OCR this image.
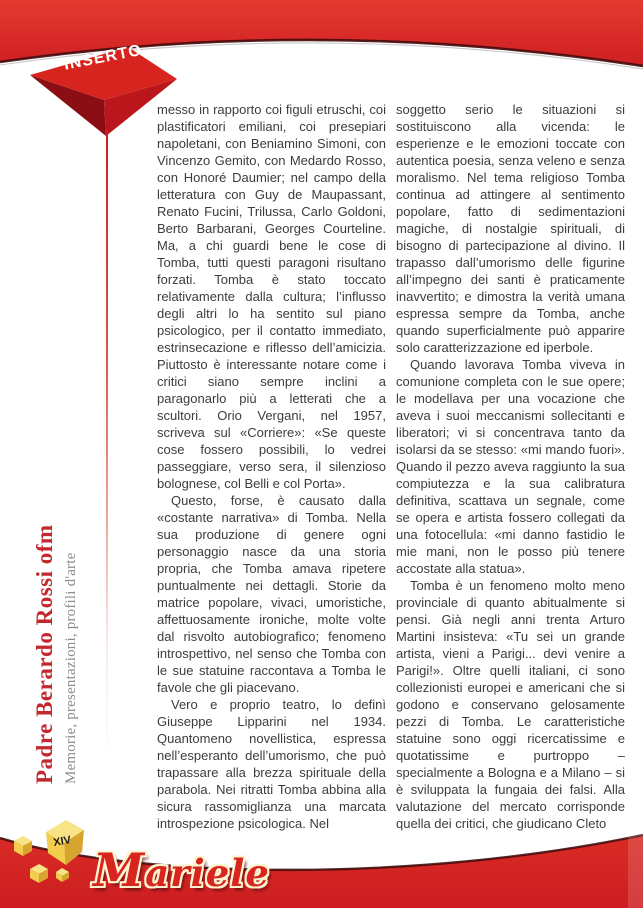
INSERTO
Padre Berardo Rossi ofm Memorie, presentazioni, profili d'arte

messo in rapporto coi figuli etruschi, coi plastificatori emiliani, coi presepiari napoletani, con Beniamino Simoni, con Vincenzo Gemito, con Medardo Rosso, con Honoré Daumier; nel campo della letteratura con Guy de Maupassant, Renato Fucini, Trilussa, Carlo Goldoni, Berto Barbarani, Georges Courteline. Ma, a chi guardi bene le cose di Tomba, tutti questi paragoni risultano forzati. Tomba è stato toccato relativamente dalla cultura; l’influsso degli altri lo ha sentito sul piano psicologico, per il contatto immediato, estrinsecazione e riflesso dell’amicizia. Piuttosto è interessante notare come i critici siano sempre inclini a paragonarlo più a letterati che a scultori. Orio Vergani, nel 1957, scriveva sul «Corriere»: «Se queste cose fossero possibili, lo vedrei passeggiare, verso sera, il silenzioso bolognese, col Belli e col Porta».

Questo, forse, è causato dalla «costante narrativa» di Tomba. Nella sua produzione di genere ogni personaggio nasce da una storia propria, che Tomba amava ripetere puntualmente nei dettagli. Storie da matrice popolare, vivaci, umoristiche, affettuosamente ironiche, molte volte dal risvolto autobiografico; fenomeno introspettivo, nel senso che Tomba con le sue statuine raccontava a Tomba le favole che gli piacevano.

Vero e proprio teatro, lo definì Giuseppe Lipparini nel 1934. Quantomeno novellistica, espressa nell’esperanto dell’umorismo, che può trapassare alla brezza spirituale della parabola. Nei ritratti Tomba abbina alla sicura rassomiglianza una marcata introspezione psicologica. Nel

soggetto serio le situazioni si sostituiscono alla vicenda: le esperienze e le emozioni toccate con autentica poesia, senza veleno e senza moralismo. Nel tema religioso Tomba continua ad attingere al sentimento popolare, fatto di sedimentazioni magiche, di nostalgie spirituali, di bisogno di partecipazione al divino. Il trapasso dall’umorismo delle figurine all’impegno dei santi è praticamente inavvertito; e dimostra la verità umana espressa sempre da Tomba, anche quando superficialmente può apparire solo caratterizzazione ed iperbole.

Quando lavorava Tomba viveva in comunione completa con le sue opere; le modellava per una vocazione che aveva i suoi meccanismi sollecitanti e liberatori; vi si concentrava tanto da isolarsi da se stesso: «mi mando fuori». Quando il pezzo aveva raggiunto la sua compiutezza e la sua calibratura definitiva, scattava un segnale, come se opera e artista fossero collegati da una fotocellula: «mi danno fastidio le mie mani, non le posso più tenere accostate alla statua».

Tomba è un fenomeno molto meno provinciale di quanto abitualmente si pensi. Già negli anni trenta Arturo Martini insisteva: «Tu sei un grande artista, vieni a Parigi... devi venire a Parigi!». Oltre quelli italiani, ci sono collezionisti europei e americani che si godono e conservano gelosamente pezzi di Tomba. Le caratteristiche statuine sono oggi ricercatissime e quotatissime e purtroppo – specialmente a Bologna e a Milano – si è sviluppata la fungaia dei falsi. Alla valutazione del mercato corrisponde quella dei critici, che giudicano Cleto

XIV
Mariele
